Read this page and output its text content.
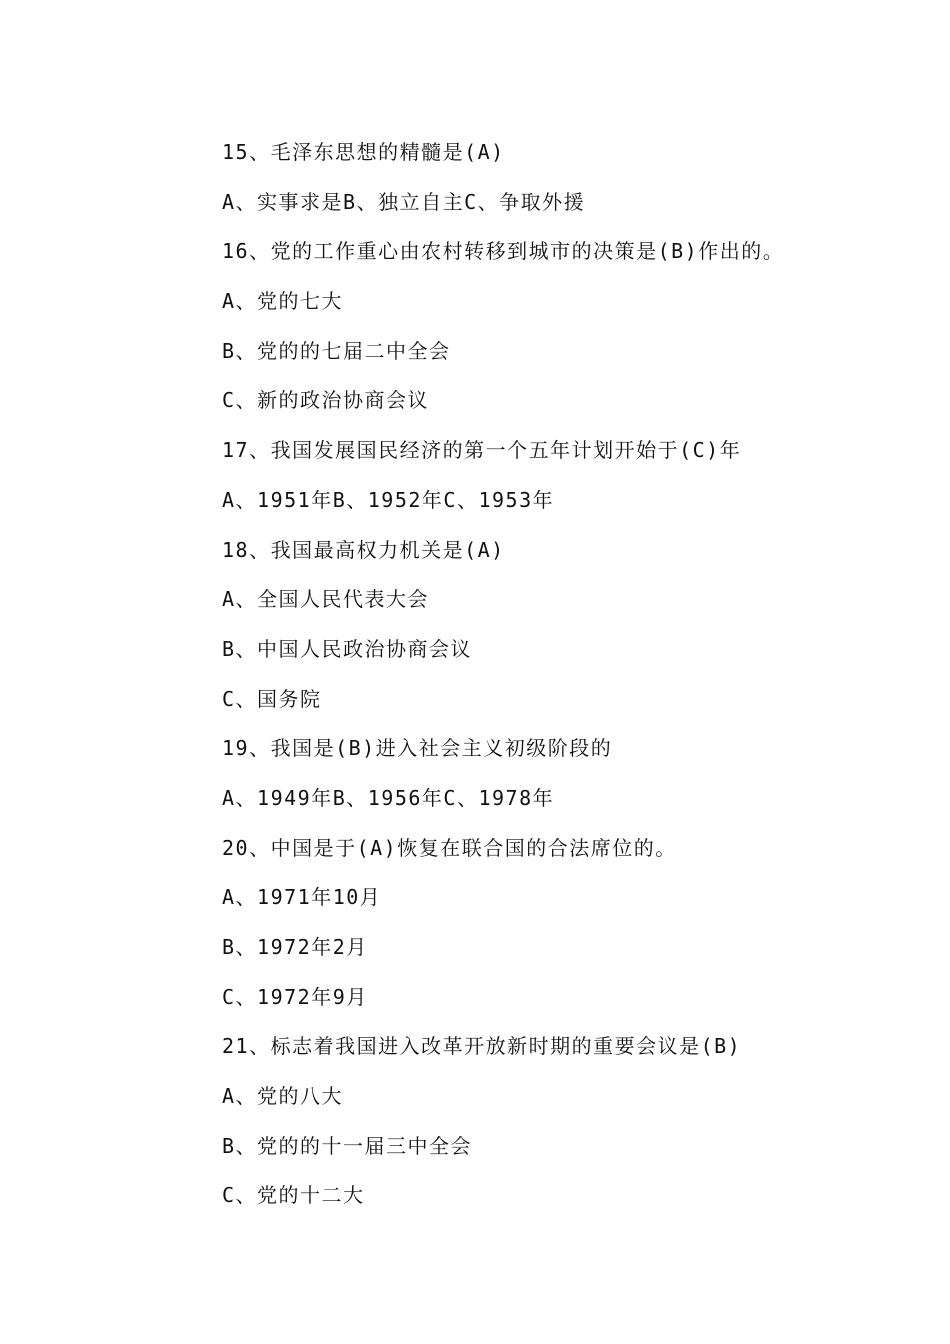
15、毛泽东思想的精髓是(A)
A、实事求是B、独立自主C、争取外援
16、党的工作重心由农村转移到城市的决策是(B)作出的。
A、党的七大
B、党的的七届二中全会
C、新的政治协商会议
17、我国发展国民经济的第一个五年计划开始于(C)年
A、1951年B、1952年C、1953年
18、我国最高权力机关是(A)
A、全国人民代表大会
B、中国人民政治协商会议
C、国务院
19、我国是(B)进入社会主义初级阶段的
A、1949年B、1956年C、1978年
20、中国是于(A)恢复在联合国的合法席位的。
A、1971年10月
B、1972年2月
C、1972年9月
21、标志着我国进入改革开放新时期的重要会议是(B)
A、党的八大
B、党的的十一届三中全会
C、党的十二大
